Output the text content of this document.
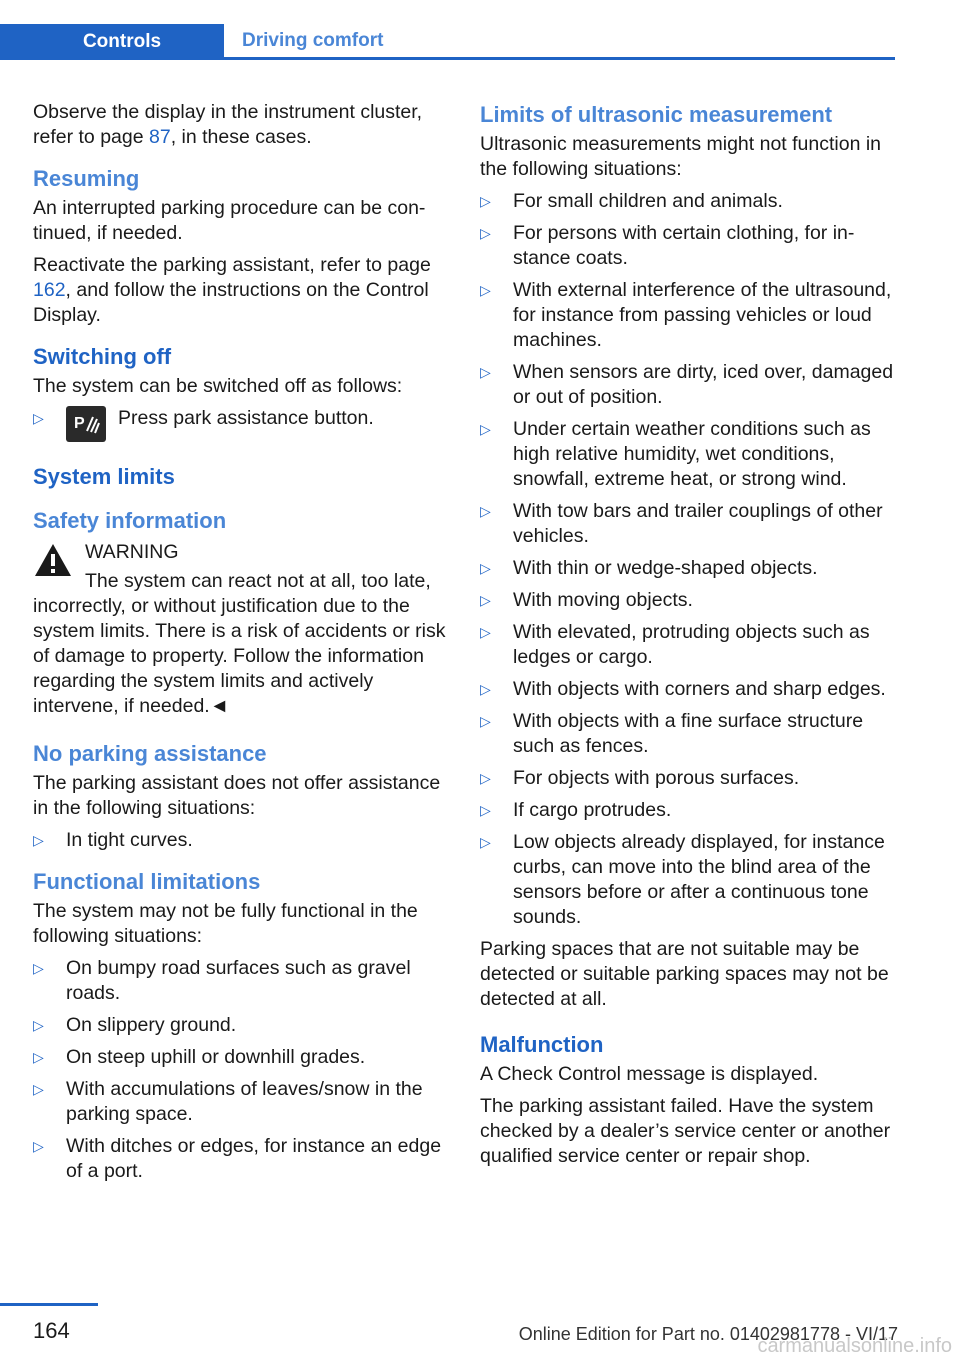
Controls	Driving comfort

Observe the display in the instrument cluster, refer to page 87, in these cases.

Resuming

An interrupted parking procedure can be continued, if needed.

Reactivate the parking assistant, refer to page 162, and follow the instructions on the Control Display.

Switching off

The system can be switched off as follows:

▷ P Press park assistance button.
System limits
Safety information

WARNING

The system can react not at all, too late, incorrectly, or without justification due to the system limits. There is a risk of accidents or risk of damage to property. Follow the information regarding the system limits and actively intervene, if needed.◄

No parking assistance

The parking assistant does not offer assistance in the following situations:

▷ In tight curves.
Functional limitations

The system may not be fully functional in the following situations:

▷ On bumpy road surfaces such as gravel roads.
▷ On slippery ground.
▷ On steep uphill or downhill grades.
▷ With accumulations of leaves/snow in the parking space.
▷ With ditches or edges, for instance an edge of a port.
Limits of ultrasonic measurement

Ultrasonic measurements might not function in the following situations:

▷ For small children and animals.
▷ For persons with certain clothing, for instance coats.
▷ With external interference of the ultrasound, for instance from passing vehicles or loud machines.
▷ When sensors are dirty, iced over, damaged or out of position.
▷ Under certain weather conditions such as high relative humidity, wet conditions, snowfall, extreme heat, or strong wind.
▷ With tow bars and trailer couplings of other vehicles.
▷ With thin or wedge-shaped objects.
▷ With moving objects.
▷ With elevated, protruding objects such as ledges or cargo.
▷ With objects with corners and sharp edges.
▷ With objects with a fine surface structure such as fences.
▷ For objects with porous surfaces.
▷ If cargo protrudes.
▷ Low objects already displayed, for instance curbs, can move into the blind area of the sensors before or after a continuous tone sounds.

Parking spaces that are not suitable may be detected or suitable parking spaces may not be detected at all.

Malfunction

A Check Control message is displayed.

The parking assistant failed. Have the system checked by a dealer’s service center or another qualified service center or repair shop.

164	Online Edition for Part no. 01402981778 - VI/17
carmanualsonline.info
